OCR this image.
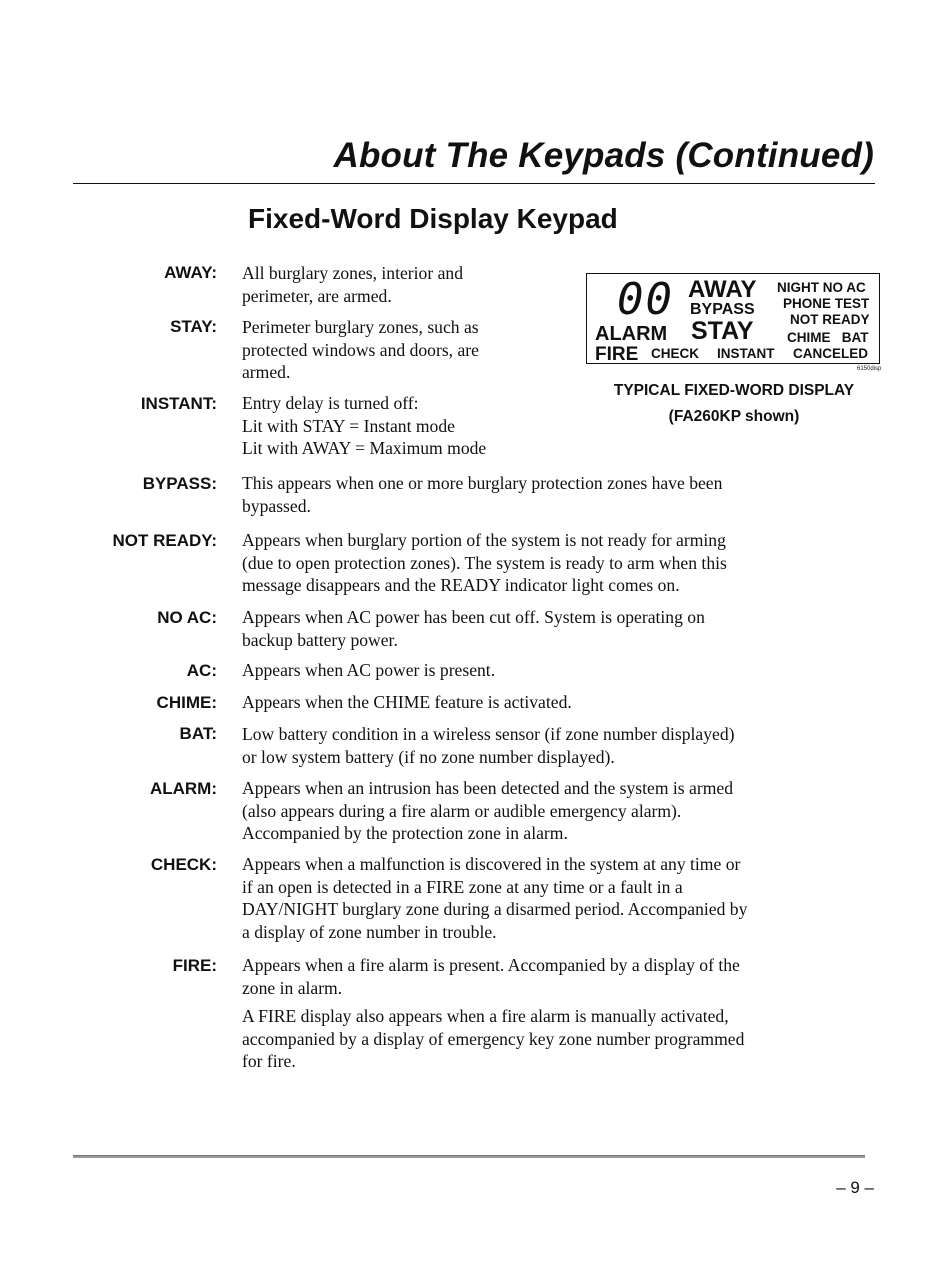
About The Keypads (Continued)
Fixed-Word Display Keypad
AWAY: All burglary zones, interior and
perimeter, are armed.
STAY: Perimeter burglary zones, such as
protected windows and doors, are
armed.
INSTANT: Entry delay is turned off:
Lit with STAY = Instant mode
Lit with AWAY = Maximum mode
00 AWAY
BYPASS
STAY
ALARM
FIRE CHECK INSTANT CANCELED
NIGHT NO AC
PHONE TEST
NOT READY
CHIME   BAT
6150disp
TYPICAL FIXED-WORD DISPLAY
(FA260KP shown)
BYPASS: This appears when one or more burglary protection zones have been
bypassed.
NOT READY: Appears when burglary portion of the system is not ready for arming
(due to open protection zones). The system is ready to arm when this
message disappears and the READY indicator light comes on.
NO AC: Appears when AC power has been cut off. System is operating on
backup battery power.
AC: Appears when AC power is present.
CHIME: Appears when the CHIME feature is activated.
BAT: Low battery condition in a wireless sensor (if zone number displayed)
or low system battery (if no zone number displayed).
ALARM: Appears when an intrusion has been detected and the system is armed
(also appears during a fire alarm or audible emergency alarm).
Accompanied by the protection zone in alarm.
CHECK: Appears when a malfunction is discovered in the system at any time or
if an open is detected in a FIRE zone at any time or a fault in a
DAY/NIGHT burglary zone during a disarmed period. Accompanied by
a display of zone number in trouble.
FIRE: Appears when a fire alarm is present. Accompanied by a display of the
zone in alarm.
A FIRE display also appears when a fire alarm is manually activated,
accompanied by a display of emergency key zone number programmed
for fire.
– 9 –
